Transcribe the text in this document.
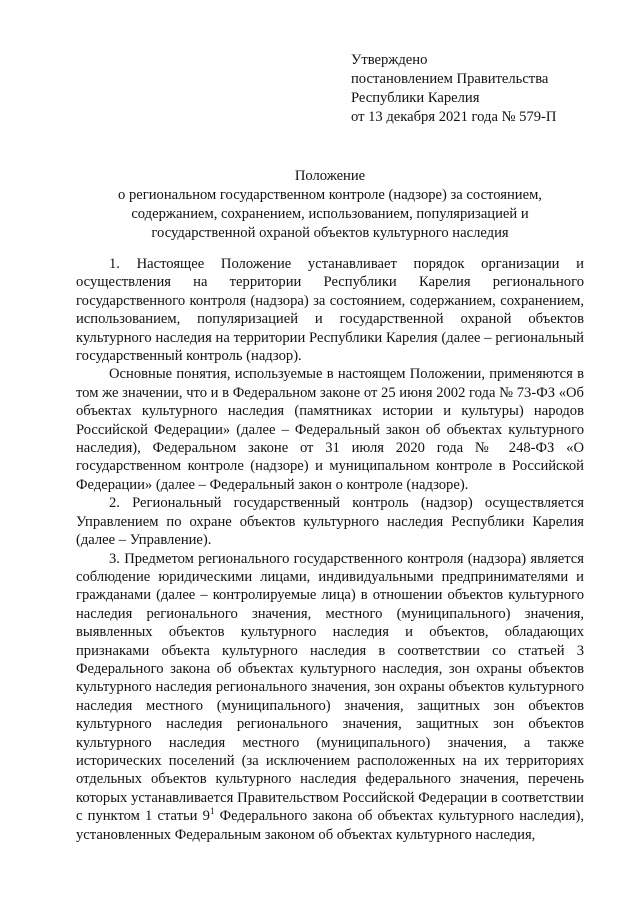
Утверждено
постановлением Правительства
Республики Карелия
от 13 декабря 2021 года № 579-П
Положение
о региональном государственном контроле (надзоре) за состоянием,
содержанием, сохранением, использованием, популяризацией и
государственной охраной объектов культурного наследия

1. Настоящее Положение устанавливает порядок организации и осуществления на территории Республики Карелия регионального государственного контроля (надзора) за состоянием, содержанием, сохранением, использованием, популяризацией и государственной охраной объектов культурного наследия на территории Республики Карелия (далее – региональный государственный контроль (надзор).

Основные понятия, используемые в настоящем Положении, применяются в том же значении, что и в Федеральном законе от 25 июня 2002 года № 73-ФЗ «Об объектах культурного наследия (памятниках истории и культуры) народов Российской Федерации» (далее – Федеральный закон об объектах культурного наследия), Федеральном законе от 31 июля 2020 года № 248-ФЗ «О государственном контроле (надзоре) и муниципальном контроле в Российской Федерации» (далее – Федеральный закон о контроле (надзоре).

2. Региональный государственный контроль (надзор) осуществляется Управлением по охране объектов культурного наследия Республики Карелия (далее – Управление).

3. Предметом регионального государственного контроля (надзора) является соблюдение юридическими лицами, индивидуальными предпринимателями и гражданами (далее – контролируемые лица) в отношении объектов культурного наследия регионального значения, местного (муниципального) значения, выявленных объектов культурного наследия и объектов, обладающих признаками объекта культурного наследия в соответствии со статьей 3 Федерального закона об объектах культурного наследия, зон охраны объектов культурного наследия регионального значения, зон охраны объектов культурного наследия местного (муниципального) значения, защитных зон объектов культурного наследия регионального значения, защитных зон объектов культурного наследия местного (муниципального) значения, а также исторических поселений (за исключением расположенных на их территориях отдельных объектов культурного наследия федерального значения, перечень которых устанавливается Правительством Российской Федерации в соответствии с пунктом 1 статьи $9^1$ Федерального закона об объектах культурного наследия), установленных Федеральным законом об объектах культурного наследия,
